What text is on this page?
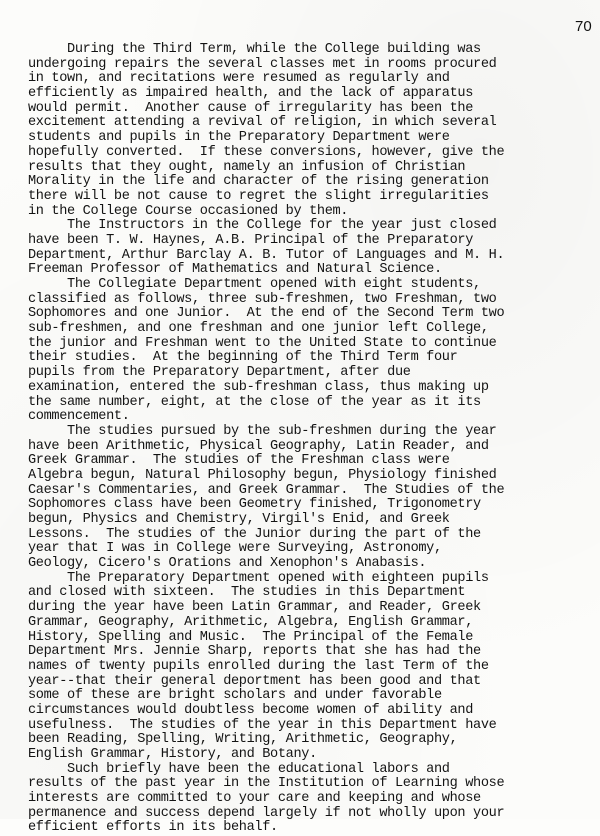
70
During the Third Term, while the College building was
undergoing repairs the several classes met in rooms procured
in town, and recitations were resumed as regularly and
efficiently as impaired health, and the lack of apparatus
would permit.  Another cause of irregularity has been the
excitement attending a revival of religion, in which several
students and pupils in the Preparatory Department were
hopefully converted.  If these conversions, however, give the
results that they ought, namely an infusion of Christian
Morality in the life and character of the rising generation
there will be not cause to regret the slight irregularities
in the College Course occasioned by them.
The Instructors in the College for the year just closed
have been T. W. Haynes, A.B. Principal of the Preparatory
Department, Arthur Barclay A. B. Tutor of Languages and M. H.
Freeman Professor of Mathematics and Natural Science.
The Collegiate Department opened with eight students,
classified as follows, three sub-freshmen, two Freshman, two
Sophomores and one Junior.  At the end of the Second Term two
sub-freshmen, and one freshman and one junior left College,
the junior and Freshman went to the United State to continue
their studies.  At the beginning of the Third Term four
pupils from the Preparatory Department, after due
examination, entered the sub-freshman class, thus making up
the same number, eight, at the close of the year as it its
commencement.
The studies pursued by the sub-freshmen during the year
have been Arithmetic, Physical Geography, Latin Reader, and
Greek Grammar.  The studies of the Freshman class were
Algebra begun, Natural Philosophy begun, Physiology finished
Caesar's Commentaries, and Greek Grammar.  The Studies of the
Sophomores class have been Geometry finished, Trigonometry
begun, Physics and Chemistry, Virgil's Enid, and Greek
Lessons.  The studies of the Junior during the part of the
year that I was in College were Surveying, Astronomy,
Geology, Cicero's Orations and Xenophon's Anabasis.
The Preparatory Department opened with eighteen pupils
and closed with sixteen.  The studies in this Department
during the year have been Latin Grammar, and Reader, Greek
Grammar, Geography, Arithmetic, Algebra, English Grammar,
History, Spelling and Music.  The Principal of the Female
Department Mrs. Jennie Sharp, reports that she has had the
names of twenty pupils enrolled during the last Term of the
year--that their general deportment has been good and that
some of these are bright scholars and under favorable
circumstances would doubtless become women of ability and
usefulness.  The studies of the year in this Department have
been Reading, Spelling, Writing, Arithmetic, Geography,
English Grammar, History, and Botany.
Such briefly have been the educational labors and
results of the past year in the Institution of Learning whose
interests are committed to your care and keeping and whose
permanence and success depend largely if not wholly upon your
efficient efforts in its behalf.
